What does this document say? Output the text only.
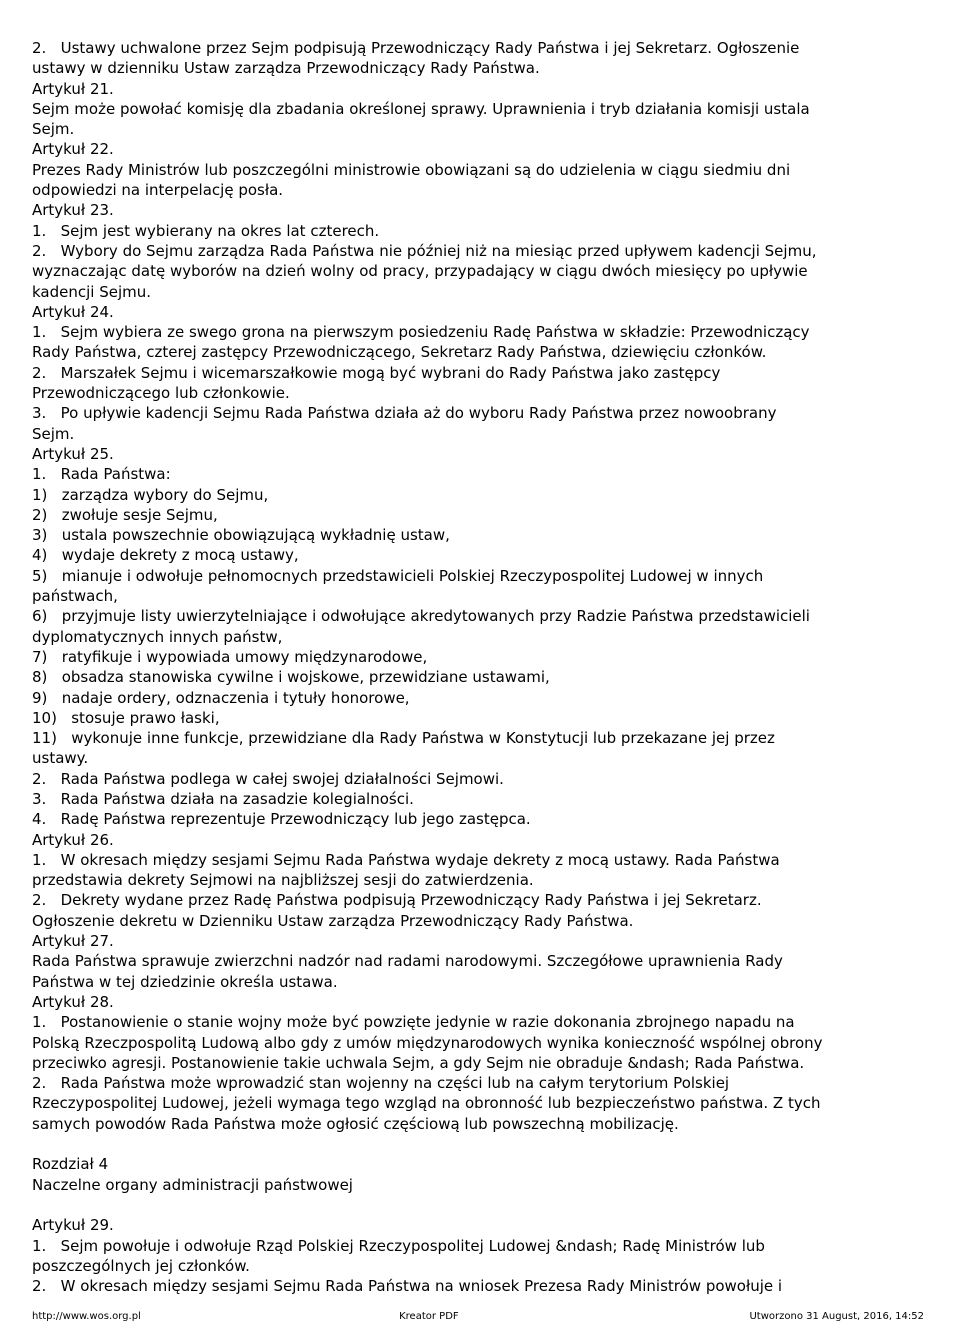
2.   Ustawy uchwalone przez Sejm podpisują Przewodniczący Rady Państwa i jej Sekretarz. Ogłoszenie
ustawy w dzienniku Ustaw zarządza Przewodniczący Rady Państwa.
Artykuł 21.
Sejm może powołać komisję dla zbadania określonej sprawy. Uprawnienia i tryb działania komisji ustala
Sejm.
Artykuł 22.
Prezes Rady Ministrów lub poszczególni ministrowie obowiązani są do udzielenia w ciągu siedmiu dni
odpowiedzi na interpelację posła.
Artykuł 23.
1.   Sejm jest wybierany na okres lat czterech.
2.   Wybory do Sejmu zarządza Rada Państwa nie później niż na miesiąc przed upływem kadencji Sejmu,
wyznaczając datę wyborów na dzień wolny od pracy, przypadający w ciągu dwóch miesięcy po upływie
kadencji Sejmu.
Artykuł 24.
1.   Sejm wybiera ze swego grona na pierwszym posiedzeniu Radę Państwa w składzie: Przewodniczący
Rady Państwa, czterej zastępcy Przewodniczącego, Sekretarz Rady Państwa, dziewięciu członków.
2.   Marszałek Sejmu i wicemarszałkowie mogą być wybrani do Rady Państwa jako zastępcy
Przewodniczącego lub członkowie.
3.   Po upływie kadencji Sejmu Rada Państwa działa aż do wyboru Rady Państwa przez nowoobrany
Sejm.
Artykuł 25.
1.   Rada Państwa:
1)   zarządza wybory do Sejmu,
2)   zwołuje sesje Sejmu,
3)   ustala powszechnie obowiązującą wykładnię ustaw,
4)   wydaje dekrety z mocą ustawy,
5)   mianuje i odwołuje pełnomocnych przedstawicieli Polskiej Rzeczypospolitej Ludowej w innych
państwach,
6)   przyjmuje listy uwierzytelniające i odwołujące akredytowanych przy Radzie Państwa przedstawicieli
dyplomatycznych innych państw,
7)   ratyfikuje i wypowiada umowy międzynarodowe,
8)   obsadza stanowiska cywilne i wojskowe, przewidziane ustawami,
9)   nadaje ordery, odznaczenia i tytuły honorowe,
10)   stosuje prawo łaski,
11)   wykonuje inne funkcje, przewidziane dla Rady Państwa w Konstytucji lub przekazane jej przez
ustawy.
2.   Rada Państwa podlega w całej swojej działalności Sejmowi.
3.   Rada Państwa działa na zasadzie kolegialności.
4.   Radę Państwa reprezentuje Przewodniczący lub jego zastępca.
Artykuł 26.
1.   W okresach między sesjami Sejmu Rada Państwa wydaje dekrety z mocą ustawy. Rada Państwa
przedstawia dekrety Sejmowi na najbliższej sesji do zatwierdzenia.
2.   Dekrety wydane przez Radę Państwa podpisują Przewodniczący Rady Państwa i jej Sekretarz.
Ogłoszenie dekretu w Dzienniku Ustaw zarządza Przewodniczący Rady Państwa.
Artykuł 27.
Rada Państwa sprawuje zwierzchni nadzór nad radami narodowymi. Szczegółowe uprawnienia Rady
Państwa w tej dziedzinie określa ustawa.
Artykuł 28.
1.   Postanowienie o stanie wojny może być powzięte jedynie w razie dokonania zbrojnego napadu na
Polską Rzeczpospolitą Ludową albo gdy z umów międzynarodowych wynika konieczność wspólnej obrony
przeciwko agresji. Postanowienie takie uchwala Sejm, a gdy Sejm nie obraduje &ndash; Rada Państwa.
2.   Rada Państwa może wprowadzić stan wojenny na części lub na całym terytorium Polskiej
Rzeczypospolitej Ludowej, jeżeli wymaga tego wzgląd na obronność lub bezpieczeństwo państwa. Z tych
samych powodów Rada Państwa może ogłosić częściową lub powszechną mobilizację.
Rozdział 4
Naczelne organy administracji państwowej
Artykuł 29.
1.   Sejm powołuje i odwołuje Rząd Polskiej Rzeczypospolitej Ludowej &ndash; Radę Ministrów lub
poszczególnych jej członków.
2.   W okresach między sesjami Sejmu Rada Państwa na wniosek Prezesa Rady Ministrów powołuje i
http://www.wos.org.pl	Kreator PDF	Utworzono 31 August, 2016, 14:52
